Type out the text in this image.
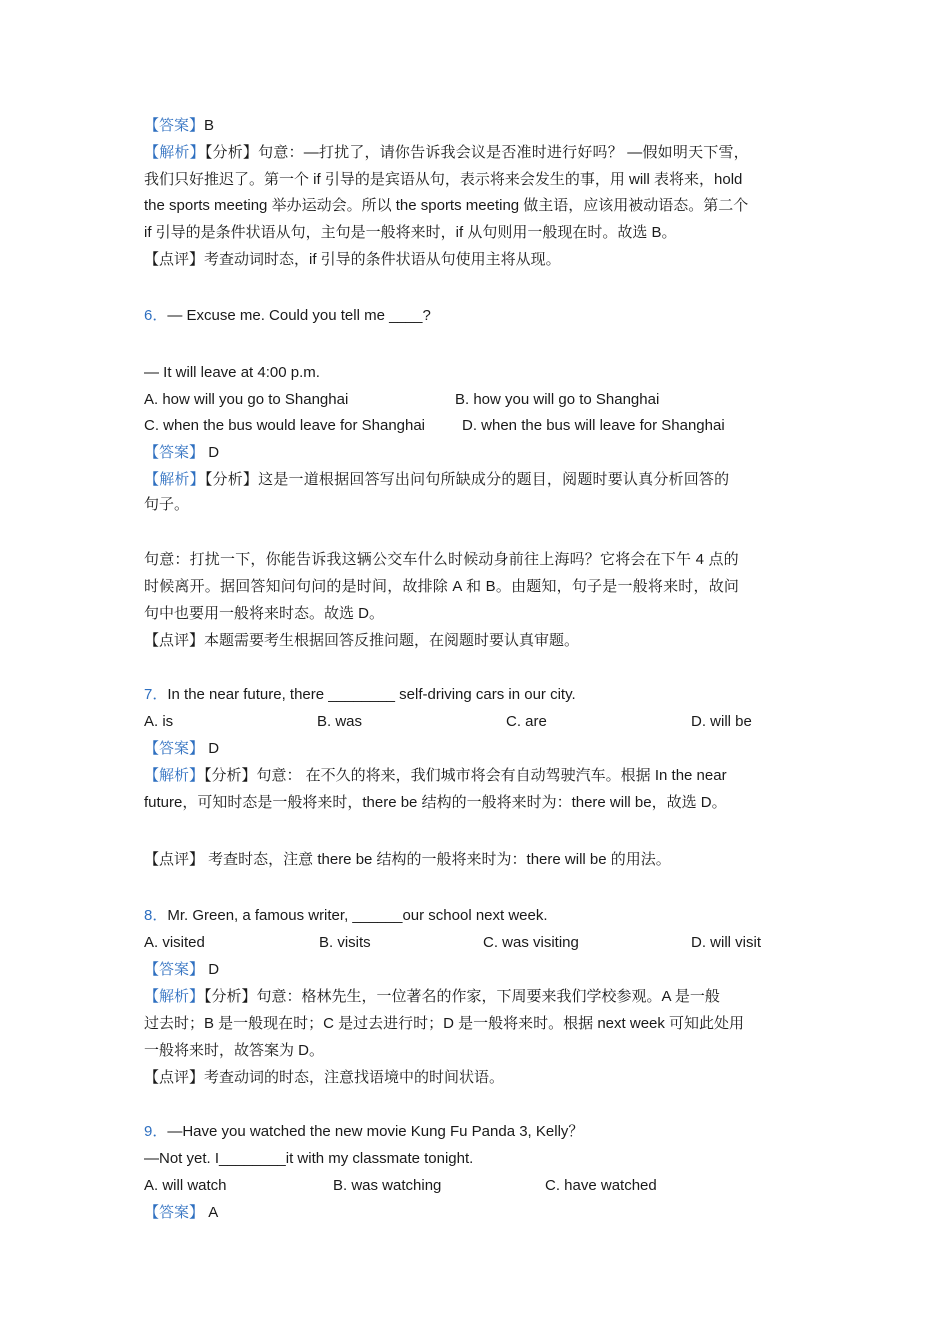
【答案】B
【解析】【分析】句意：—打扰了，请你告诉我会议是否准时进行好吗？ —假如明天下雪，
我们只好推迟了。第一个 if 引导的是宾语从句，表示将来会发生的事，用 will 表将来，hold
the sports meeting 举办运动会。所以 the sports meeting 做主语，应该用被动语态。第二个
if 引导的是条件状语从句，主句是一般将来时，if 从句则用一般现在时。故选 B。
【点评】考查动词时态，if 引导的条件状语从句使用主将从现。
6．— Excuse me. Could you tell me ____?
— It will leave at 4:00 p.m.
A. how will you go to Shanghai	B. how you will go to Shanghai
C. when the bus would leave for Shanghai D. when the bus will leave for Shanghai
【答案】 D
【解析】【分析】这是一道根据回答写出问句所缺成分的题目，阅题时要认真分析回答的
句子。
句意：打扰一下，你能告诉我这辆公交车什么时候动身前往上海吗？它将会在下午 4 点的
时候离开。据回答知问句问的是时间，故排除 A 和 B。由题知，句子是一般将来时，故问
句中也要用一般将来时态。故选 D。
【点评】本题需要考生根据回答反推问题，在阅题时要认真审题。
7．In the near future, there ________ self-driving cars in our city.
A. is	B. was	C. are	D. will be
【答案】 D
【解析】【分析】句意： 在不久的将来，我们城市将会有自动驾驶汽车。根据 In the near
future，可知时态是一般将来时，there be 结构的一般将来时为：there will be，故选 D。
【点评】 考查时态，注意 there be 结构的一般将来时为：there will be 的用法。
8．Mr. Green, a famous writer, ______our school next week.
A. visited	B. visits	C. was visiting	D. will visit
【答案】 D
【解析】【分析】句意：格林先生，一位著名的作家，下周要来我们学校参观。A 是一般
过去时；B 是一般现在时；C 是过去进行时；D 是一般将来时。根据 next week 可知此处用
一般将来时，故答案为 D。
【点评】考查动词的时态，注意找语境中的时间状语。
9．—Have you watched the new movie Kung Fu Panda 3, Kelly？
—Not yet. I________it with my classmate tonight.
A. will watch	B. was watching	C. have watched
【答案】 A
